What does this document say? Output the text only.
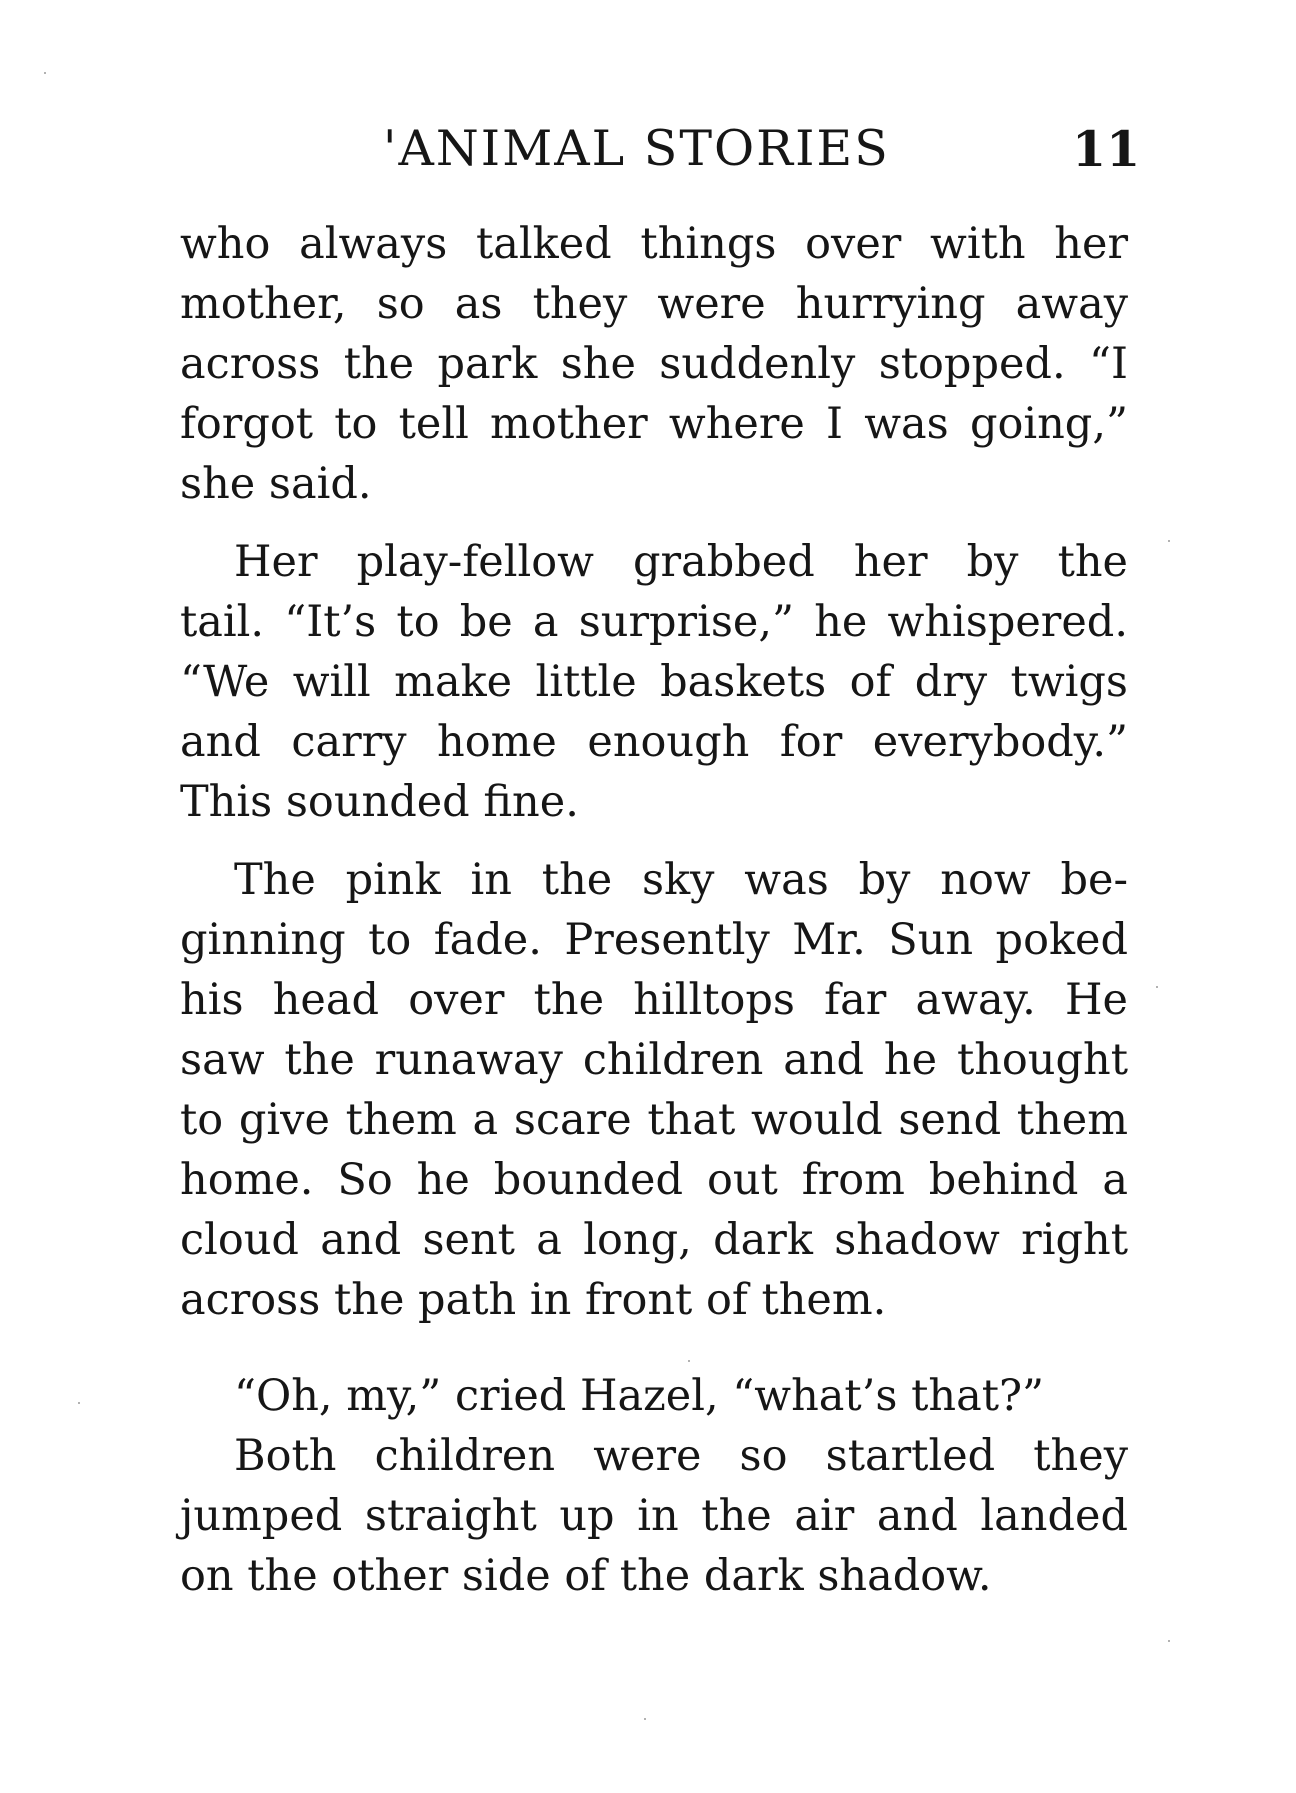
'ANIMAL STORIES	11
who always talked things over with her
mother, so as they were hurrying away
across the park she suddenly stopped. “I
forgot to tell mother where I was going,”
she said.
Her play-fellow grabbed her by the
tail. “It’s to be a surprise,” he whispered.
“We will make little baskets of dry twigs
and carry home enough for everybody.”
This sounded fine.
The pink in the sky was by now be-
ginning to fade. Presently Mr. Sun poked
his head over the hilltops far away. He
saw the runaway children and he thought
to give them a scare that would send them
home. So he bounded out from behind a
cloud and sent a long, dark shadow right
across the path in front of them.
“Oh, my,” cried Hazel, “what’s that?”
Both children were so startled they
jumped straight up in the air and landed
on the other side of the dark shadow.
